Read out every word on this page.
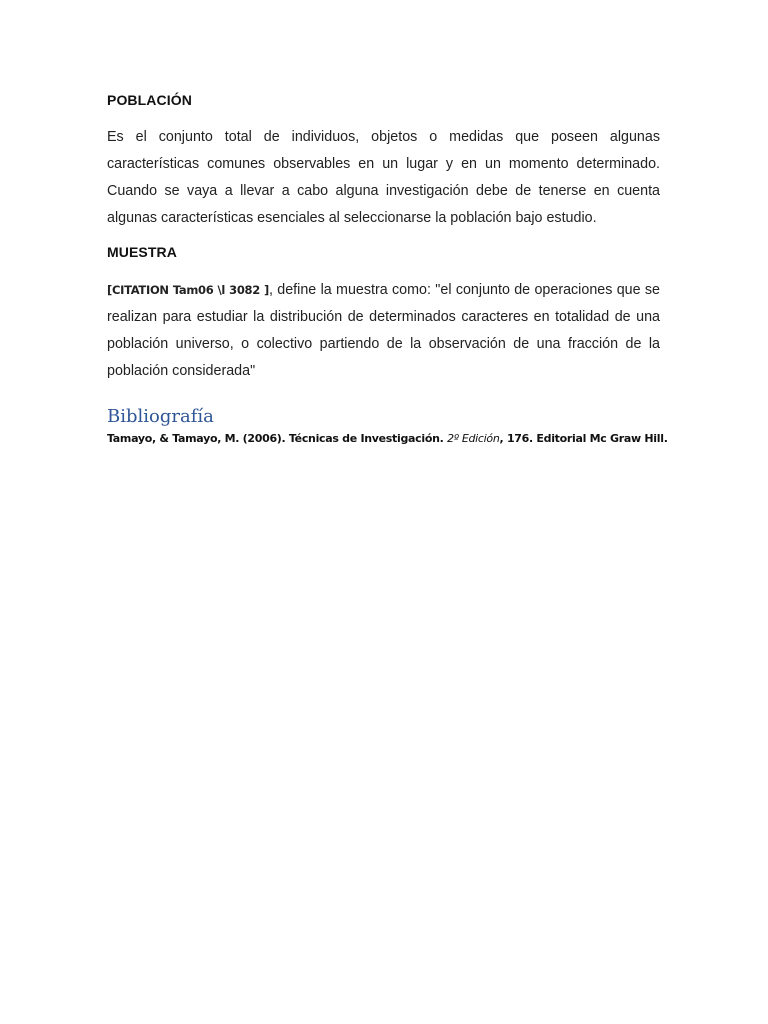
POBLACIÓN

Es el conjunto total de individuos, objetos o medidas que poseen algunas características comunes observables en un lugar y en un momento determinado. Cuando se vaya a llevar a cabo alguna investigación debe de tenerse en cuenta algunas características esenciales al seleccionarse la población bajo estudio.

MUESTRA

[CITATION Tam06 \l 3082 ], define la muestra como: "el conjunto de operaciones que se realizan para estudiar la distribución de determinados caracteres en totalidad de una población universo, o colectivo partiendo de la observación de una fracción de la población considerada"

Bibliografía

Tamayo, & Tamayo, M. (2006). Técnicas de Investigación. 2º Edición, 176. Editorial Mc Graw Hill.
